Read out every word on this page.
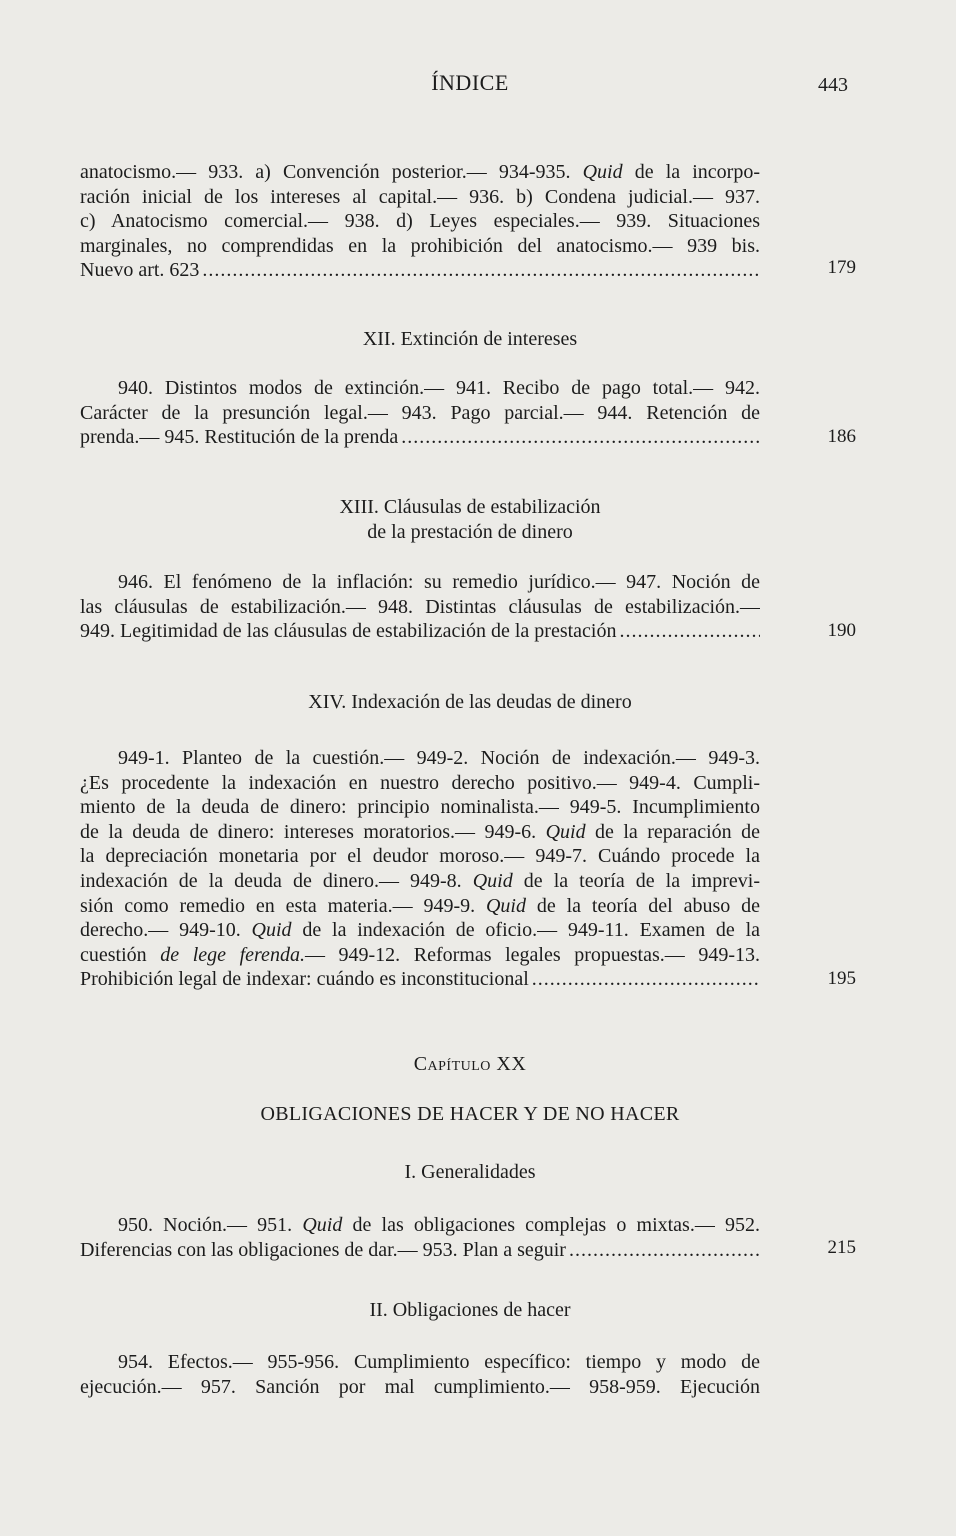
ÍNDICE	443
anatocismo.— 933. a) Convención posterior.— 934-935. Quid de la incorpo-
ración inicial de los intereses al capital.— 936. b) Condena judicial.— 937.
c) Anatocismo comercial.— 938. d) Leyes especiales.— 939. Situaciones
marginales, no comprendidas en la prohibición del anatocismo.— 939 bis.
Nuevo art. 623 .....	179
XII. Extinción de intereses
940. Distintos modos de extinción.— 941. Recibo de pago total.— 942.
Carácter de la presunción legal.— 943. Pago parcial.— 944. Retención de
prenda.— 945. Restitución de la prenda .....	186
XIII. Cláusulas de estabilización
de la prestación de dinero
946. El fenómeno de la inflación: su remedio jurídico.— 947. Noción de
las cláusulas de estabilización.— 948. Distintas cláusulas de estabilización.—
949. Legitimidad de las cláusulas de estabilización de la prestación .....	190
XIV. Indexación de las deudas de dinero
949-1. Planteo de la cuestión.— 949-2. Noción de indexación.— 949-3.
¿Es procedente la indexación en nuestro derecho positivo.— 949-4. Cumpli-
miento de la deuda de dinero: principio nominalista.— 949-5. Incumplimiento
de la deuda de dinero: intereses moratorios.— 949-6. Quid de la reparación de
la depreciación monetaria por el deudor moroso.— 949-7. Cuándo procede la
indexación de la deuda de dinero.— 949-8. Quid de la teoría de la imprevi-
sión como remedio en esta materia.— 949-9. Quid de la teoría del abuso de
derecho.— 949-10. Quid de la indexación de oficio.— 949-11. Examen de la
cuestión de lege ferenda.— 949-12. Reformas legales propuestas.— 949-13.
Prohibición legal de indexar: cuándo es inconstitucional .....	195
Capítulo XX
OBLIGACIONES DE HACER Y DE NO HACER
I. Generalidades
950. Noción.— 951. Quid de las obligaciones complejas o mixtas.— 952.
Diferencias con las obligaciones de dar.— 953. Plan a seguir .....	215
II. Obligaciones de hacer
954. Efectos.— 955-956. Cumplimiento específico: tiempo y modo de
ejecución.— 957. Sanción por mal cumplimiento.— 958-959. Ejecución
